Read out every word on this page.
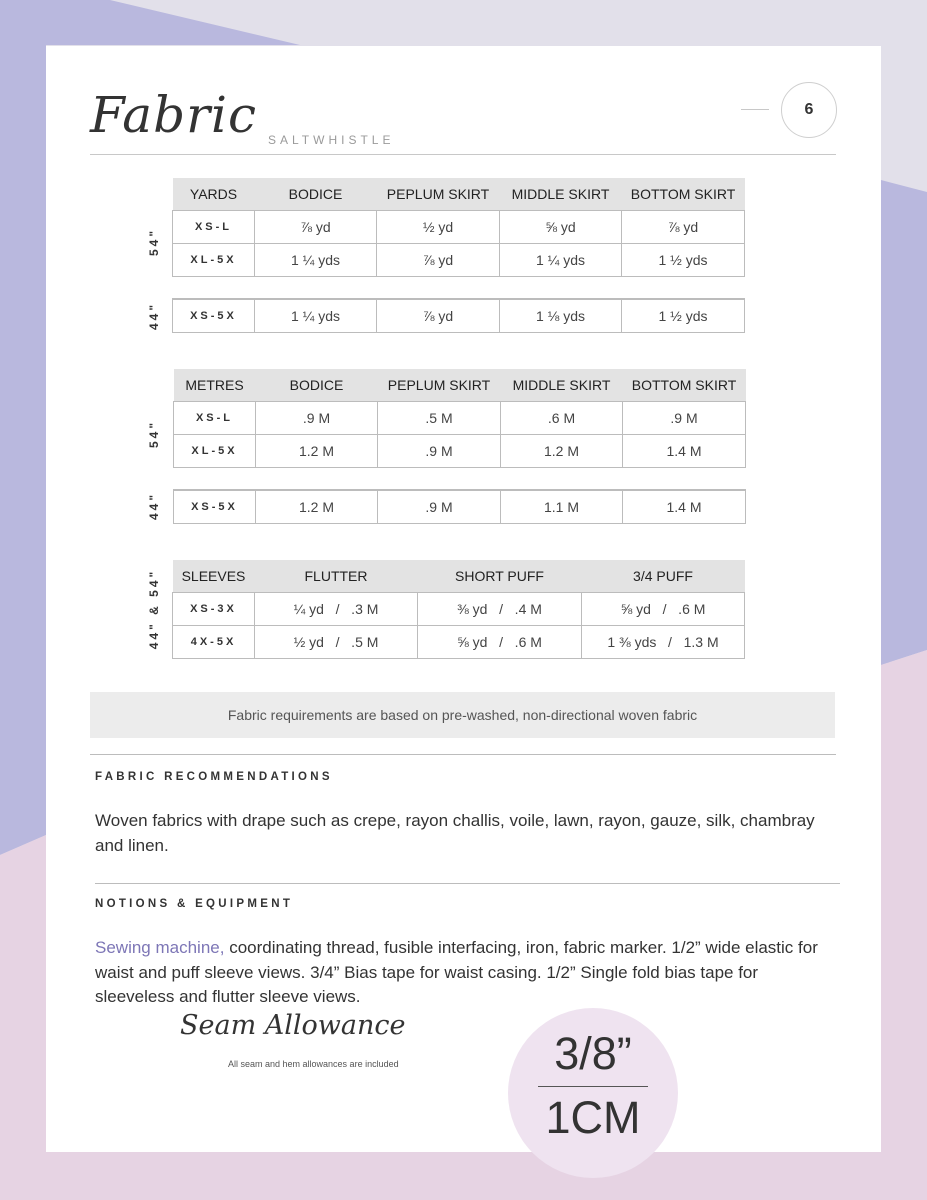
Fabric SALTWHISTLE
6
54"
44"
YARDS	BODICE	PEPLUM SKIRT	MIDDLE SKIRT	BOTTOM SKIRT
XS-L	⅞ yd	½ yd	⅝ yd	⅞ yd
XL-5X	1 ¼ yds	⅞ yd	1 ¼ yds	1 ½ yds
XS-5X	1 ¼ yds	⅞ yd	1 ⅛ yds	1 ½ yds
54"
44"
METRES	BODICE	PEPLUM SKIRT	MIDDLE SKIRT	BOTTOM SKIRT
XS-L	.9 M	.5 M	.6 M	.9 M
XL-5X	1.2 M	.9 M	1.2 M	1.4 M
XS-5X	1.2 M	.9 M	1.1 M	1.4 M
44" & 54" SLEEVES	FLUTTER	SHORT PUFF	3/4 PUFF
XS-3X	¼ yd   /   .3 M	⅜ yd   /   .4 M	⅝ yd   /   .6 M
4X-5X	½ yd   /   .5 M	⅝ yd   /   .6 M	1 ⅜ yds   /   1.3 M
Fabric requirements are based on pre-washed, non-directional woven fabric
FABRIC RECOMMENDATIONS
Woven fabrics with drape such as crepe, rayon challis, voile, lawn, rayon, gauze, silk, chambray and linen.
NOTIONS & EQUIPMENT
Sewing machine, coordinating thread, fusible interfacing, iron, fabric marker. 1/2” wide elastic for waist and puff sleeve views. 3/4” Bias tape for waist casing. 1/2” Single fold bias tape for sleeveless and flutter sleeve views.
Seam Allowance
All seam and hem allowances are included	3/8”
1CM
